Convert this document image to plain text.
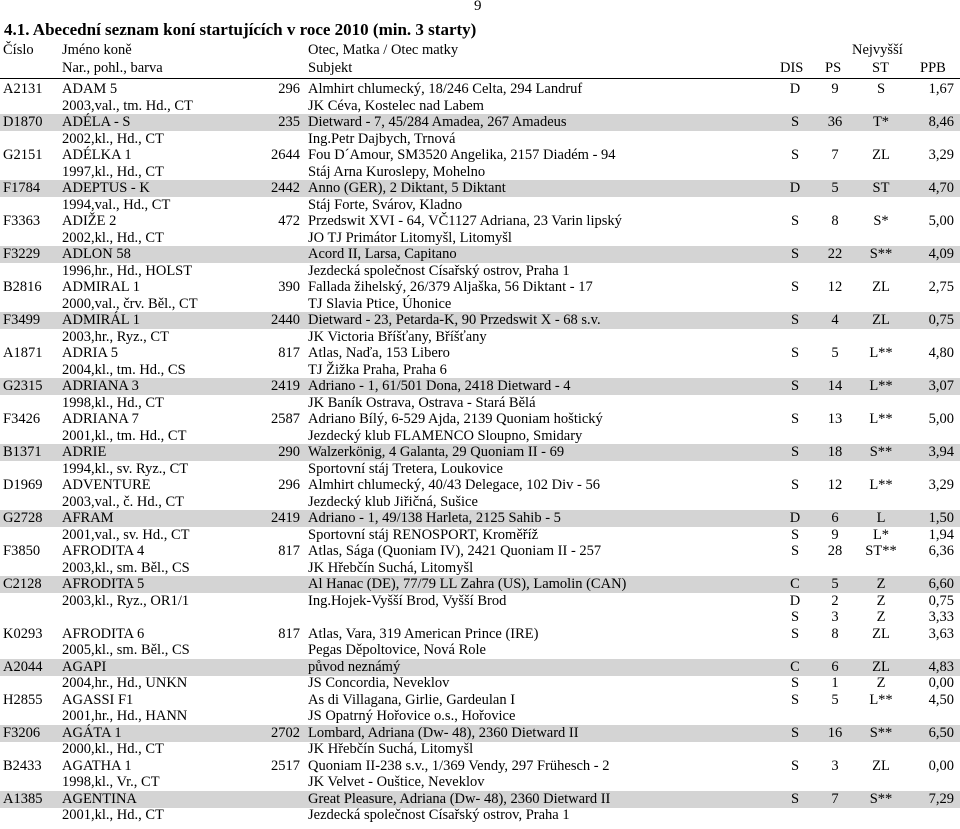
9
4.1. Abecední seznam koní startujících v roce 2010 (min. 3 starty)
Číslo Jméno koně	Otec, Matka / Otec matky	Nejvyšší
Nar., pohl., barva	Subjekt	DIS PS ST PPB
A2131 ADAM 5	296 Almhirt chlumecký, 18/246 Celta, 294 Landruf	D	9	S	1,67
2003,val., tm. Hd., CT	JK Céva, Kostelec nad Labem
D1870 ADÉLA - S	235 Dietward - 7, 45/284 Amadea, 267 Amadeus	S	36	T*	8,46
2002,kl., Hd., CT	Ing.Petr Dajbych, Trnová
G2151 ADÉLKA 1	2644 Fou D´Amour, SM3520 Angelika, 2157 Diadém - 94	S	7	ZL	3,29
1997,kl., Hd., CT	Stáj Arna Kuroslepy, Mohelno
F1784 ADEPTUS - K	2442 Anno (GER), 2 Diktant, 5 Diktant	D	5	ST	4,70
1994,val., Hd., CT	Stáj Forte, Svárov, Kladno
F3363 ADIŽE 2	472 Przedswit XVI - 64, VČ1127 Adriana, 23 Varin lipský	S	8	S*	5,00
2002,kl., Hd., CT	JO TJ Primátor Litomyšl, Litomyšl
F3229 ADLON 58	Acord II, Larsa, Capitano	S	22	S**	4,09
1996,hr., Hd., HOLST	Jezdecká společnost Císařský ostrov, Praha 1
B2816 ADMIRAL 1	390 Fallada žihelský, 26/379 Aljaška, 56 Diktant - 17	S	12	ZL	2,75
2000,val., črv. Běl., CT	TJ Slavia Ptice, Úhonice
F3499 ADMIRÁL 1	2440 Dietward - 23, Petarda-K, 90 Przedswit X - 68 s.v.	S	4	ZL	0,75
2003,hr., Ryz., CT	JK Victoria Bříšťany, Bříšťany
A1871 ADRIA 5	817 Atlas, Naďa, 153 Libero	S	5	L**	4,80
2004,kl., tm. Hd., CS	TJ Žižka Praha, Praha 6
G2315 ADRIANA 3	2419 Adriano - 1, 61/501 Dona, 2418 Dietward - 4	S	14	L**	3,07
1998,kl., Hd., CT	JK Baník Ostrava, Ostrava - Stará Bělá
F3426 ADRIANA 7	2587 Adriano Bílý, 6-529 Ajda, 2139 Quoniam hoštický	S	13	L**	5,00
2001,kl., tm. Hd., CT	Jezdecký klub FLAMENCO Sloupno, Smidary
B1371 ADRIE	290 Walzerkönig, 4 Galanta, 29 Quoniam II - 69	S	18	S**	3,94
1994,kl., sv. Ryz., CT	Sportovní stáj Tretera, Loukovice
D1969 ADVENTURE	296 Almhirt chlumecký, 40/43 Delegace, 102 Div - 56	S	12	L**	3,29
2003,val., č. Hd., CT	Jezdecký klub Jiřičná, Sušice
G2728 AFRAM	2419 Adriano - 1, 49/138 Harleta, 2125 Sahib - 5	D	6	L	1,50
2001,val., sv. Hd., CT	Sportovní stáj RENOSPORT, Kroměříž	S	9	L*	1,94
F3850 AFRODITA 4	817 Atlas, Sága (Quoniam IV), 2421 Quoniam II - 257	S	28	ST**	6,36
2003,kl., sm. Běl., CS	JK Hřebčín Suchá, Litomyšl
C2128 AFRODITA 5	Al Hanac (DE), 77/79 LL Zahra (US), Lamolin (CAN)	C	5	Z	6,60
2003,kl., Ryz., OR1/1	Ing.Hojek-Vyšší Brod, Vyšší Brod	D	2	Z	0,75
S	3	Z	3,33
K0293 AFRODITA 6	817 Atlas, Vara, 319 American Prince (IRE)	S	8	ZL	3,63
2005,kl., sm. Běl., CS	Pegas Děpoltovice, Nová Role
A2044 AGAPI	původ neznámý	C	6	ZL	4,83
2004,hr., Hd., UNKN	JS Concordia, Neveklov	S	1	Z	0,00
H2855 AGASSI F1	As di Villagana, Girlie, Gardeulan I	S	5	L**	4,50
2001,hr., Hd., HANN	JS Opatrný Hořovice o.s., Hořovice
F3206 AGÁTA 1	2702 Lombard, Adriana (Dw- 48), 2360 Dietward II	S	16	S**	6,50
2000,kl., Hd., CT	JK Hřebčín Suchá, Litomyšl
B2433 AGATHA 1	2517 Quoniam II-238 s.v., 1/369 Vendy, 297 Frühesch - 2	S	3	ZL	0,00
1998,kl., Vr., CT	JK Velvet - Ouštice, Neveklov
A1385 AGENTINA	Great Pleasure, Adriana (Dw- 48), 2360 Dietward II	S	7	S**	7,29
2001,kl., Hd., CT	Jezdecká společnost Císařský ostrov, Praha 1
